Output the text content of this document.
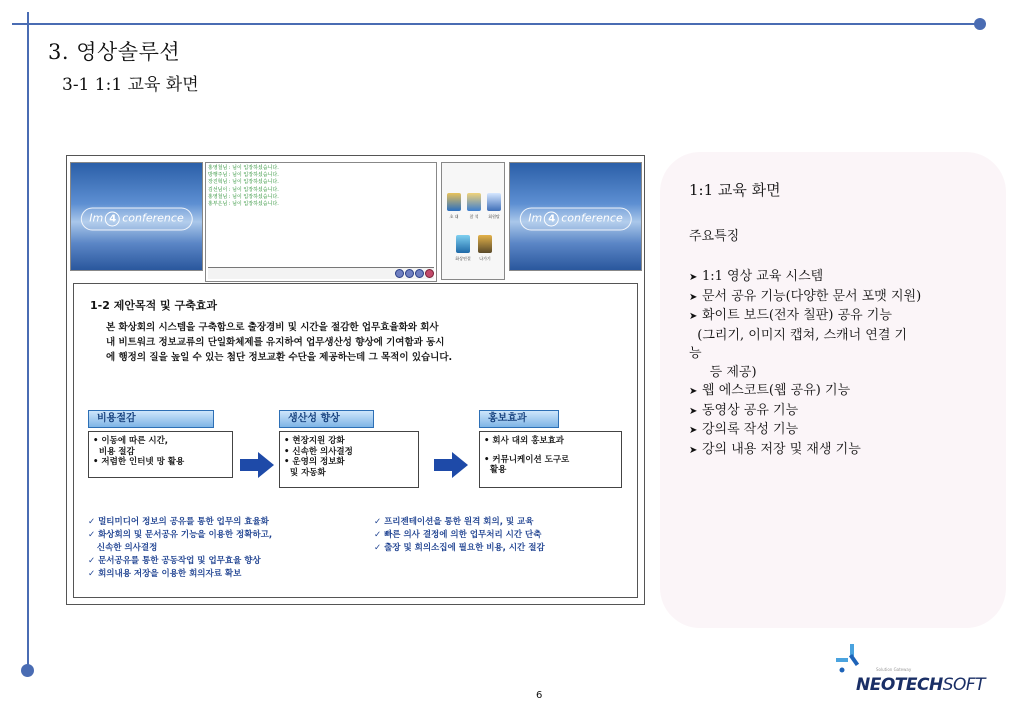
3. 영상솔루션
3-1 1:1 교육 화면
Im 4 conference
홍영철님 : 님이 입장하셨습니다.
방행주님 : 님이 입장하셨습니다.
장진혁님 : 님이 입장하셨습니다.
김선님이 : 님이 입장하셨습니다.
홍영철님 : 님이 입장하셨습니다.
홍부은님 : 님이 입장하셨습니다.
초 대	참 석	회원탈
화상연결	나가기
Im 4 conference
1-2 제안목적 및 구축효과
본 화상회의 시스템을 구축함으로 출장경비 및 시간을 절감한 업무효율화와 회사
내 비트워크 정보교류의 단일화체제를 유지하여 업무생산성 향상에 기여함과 동시
에 행정의 질을 높일 수 있는 첨단 정보교환 수단을 제공하는데 그 목적이 있습니다.
비용절감
• 이동에 따른 시간,
비용 절감
• 저렴한 인터넷 망 활용
생산성 향상
• 현장지원 강화
• 신속한 의사결정
• 운영의 정보화
및 자동화
홍보효과
• 회사 대외 홍보효과
• 커뮤니케이션 도구로
활용
✓ 멀티미디어 정보의 공유를 통한 업무의 효율화
✓ 화상회의 및 문서공유 기능을 이용한 정확하고,
신속한 의사결정
✓ 문서공유를 통한 공동작업 및 업무효율 향상
✓ 회의내용 저장을 이용한 회의자료 확보
✓ 프리젠테이션을 통한 원격 회의, 및 교육
✓ 빠른 의사 결정에 의한 업무처리 시간 단축
✓ 출장 및 회의소집에 필요한 비용, 시간 절감
1:1 교육 화면
주요특징
➤ 1:1 영상 교육 시스템
➤ 문서 공유 기능(다양한 문서 포맷 지원)
➤ 화이트 보드(전자 칠판) 공유 기능
(그리기, 이미지 캡쳐, 스캐너 연결 기
능
등 제공)
➤ 웹 에스코트(웹 공유) 기능
➤ 동영상 공유 기능
➤ 강의록 작성 기능
➤ 강의 내용 저장 및 재생 기능
6
Solution Gateway
NEOTECHSOFT
